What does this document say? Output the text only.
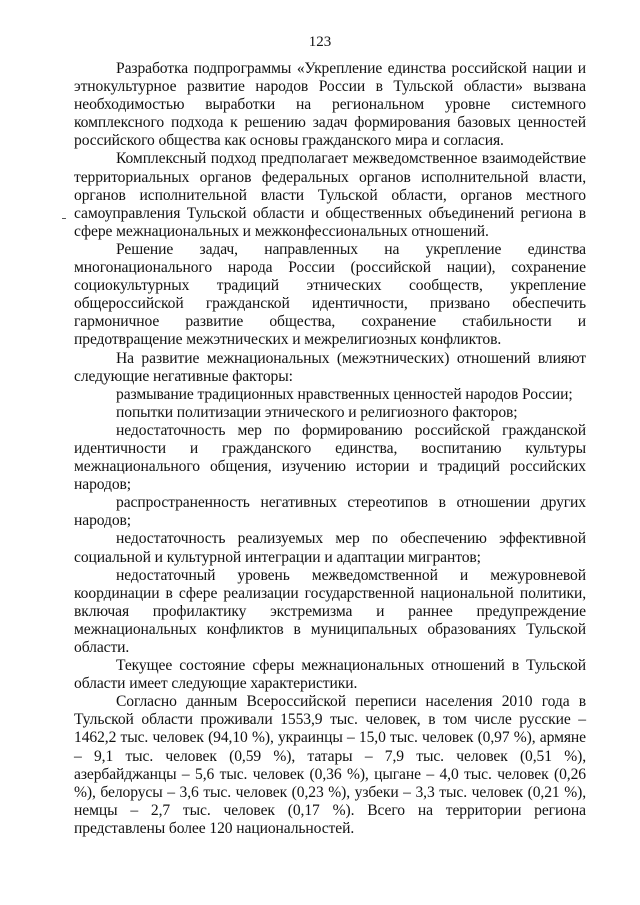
123

Разработка подпрограммы «Укрепление единства российской нации и этнокультурное развитие народов России в Тульской области» вызвана необходимостью выработки на региональном уровне системного комплексного подхода к решению задач формирования базовых ценностей российского общества как основы гражданского мира и согласия.

Комплексный подход предполагает межведомственное взаимодействие территориальных органов федеральных органов исполнительной власти, органов исполнительной власти Тульской области, органов местного самоуправления Тульской области и общественных объединений региона в сфере межнациональных и межконфессиональных отношений.

Решение задач, направленных на укрепление единства многонационального народа России (российской нации), сохранение социокультурных традиций этнических сообществ, укрепление общероссийской гражданской идентичности, призвано обеспечить гармоничное развитие общества, сохранение стабильности и предотвращение межэтнических и межрелигиозных конфликтов.

На развитие межнациональных (межэтнических) отношений влияют следующие негативные факторы:

размывание традиционных нравственных ценностей народов России;

попытки политизации этнического и религиозного факторов;

недостаточность мер по формированию российской гражданской идентичности и гражданского единства, воспитанию культуры межнационального общения, изучению истории и традиций российских народов;

распространенность негативных стереотипов в отношении других народов;

недостаточность реализуемых мер по обеспечению эффективной социальной и культурной интеграции и адаптации мигрантов;

недостаточный уровень межведомственной и межуровневой координации в сфере реализации государственной национальной политики, включая профилактику экстремизма и раннее предупреждение межнациональных конфликтов в муниципальных образованиях Тульской области.

Текущее состояние сферы межнациональных отношений в Тульской области имеет следующие характеристики.

Согласно данным Всероссийской переписи населения 2010 года в Тульской области проживали 1553,9 тыс. человек, в том числе русские – 1462,2 тыс. человек (94,10 %), украинцы – 15,0 тыс. человек (0,97 %), армяне – 9,1 тыс. человек (0,59 %), татары – 7,9 тыс. человек (0,51 %), азербайджанцы – 5,6 тыс. человек (0,36 %), цыгане – 4,0 тыс. человек (0,26 %), белорусы – 3,6 тыс. человек (0,23 %), узбеки – 3,3 тыс. человек (0,21 %), немцы – 2,7 тыс. человек (0,17 %). Всего на территории региона представлены более 120 национальностей.
